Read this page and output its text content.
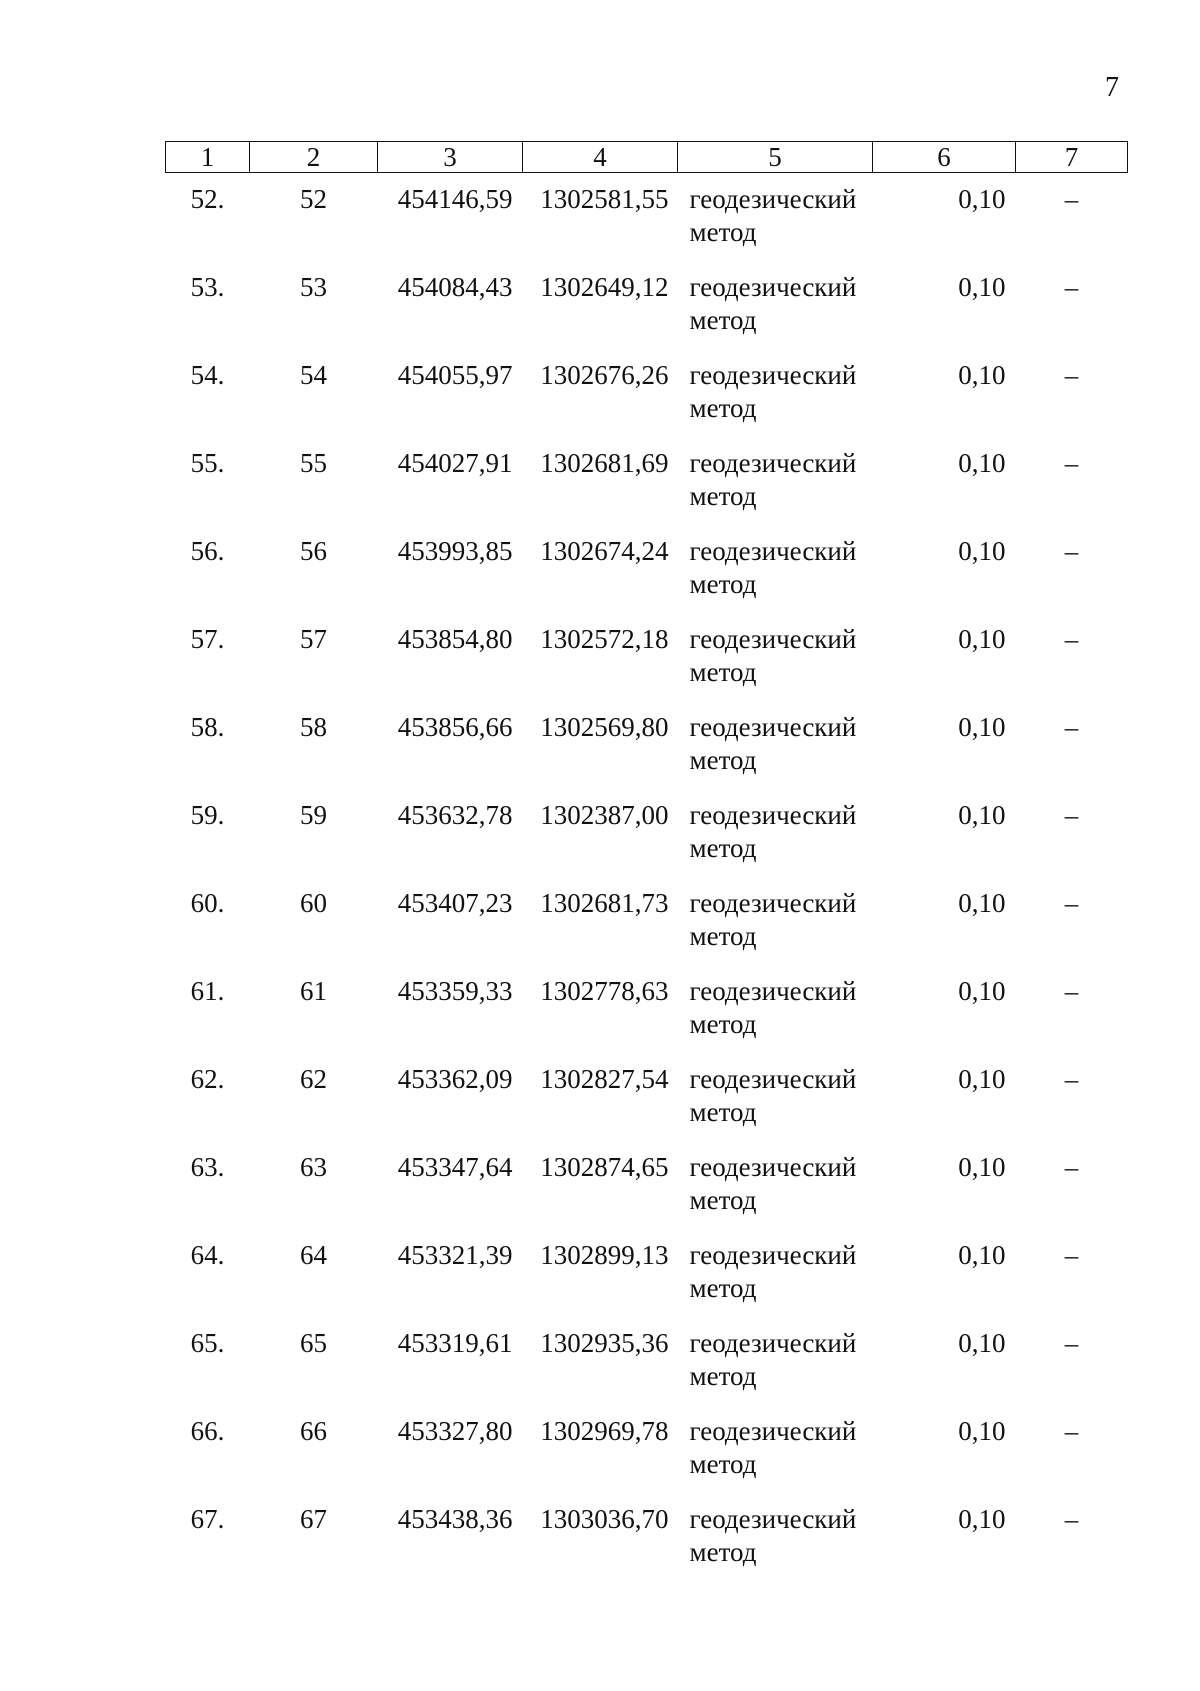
7
1	2	3	4	5	6	7

52.	52	454146,59	1302581,55	геодезический метод	0,10	–
53.	53	454084,43	1302649,12	геодезический метод	0,10	–
54.	54	454055,97	1302676,26	геодезический метод	0,10	–
55.	55	454027,91	1302681,69	геодезический метод	0,10	–
56.	56	453993,85	1302674,24	геодезический метод	0,10	–
57.	57	453854,80	1302572,18	геодезический метод	0,10	–
58.	58	453856,66	1302569,80	геодезический метод	0,10	–
59.	59	453632,78	1302387,00	геодезический метод	0,10	–
60.	60	453407,23	1302681,73	геодезический метод	0,10	–
61.	61	453359,33	1302778,63	геодезический метод	0,10	–
62.	62	453362,09	1302827,54	геодезический метод	0,10	–
63.	63	453347,64	1302874,65	геодезический метод	0,10	–
64.	64	453321,39	1302899,13	геодезический метод	0,10	–
65.	65	453319,61	1302935,36	геодезический метод	0,10	–
66.	66	453327,80	1302969,78	геодезический метод	0,10	–
67.	67	453438,36	1303036,70	геодезический метод	0,10	–
